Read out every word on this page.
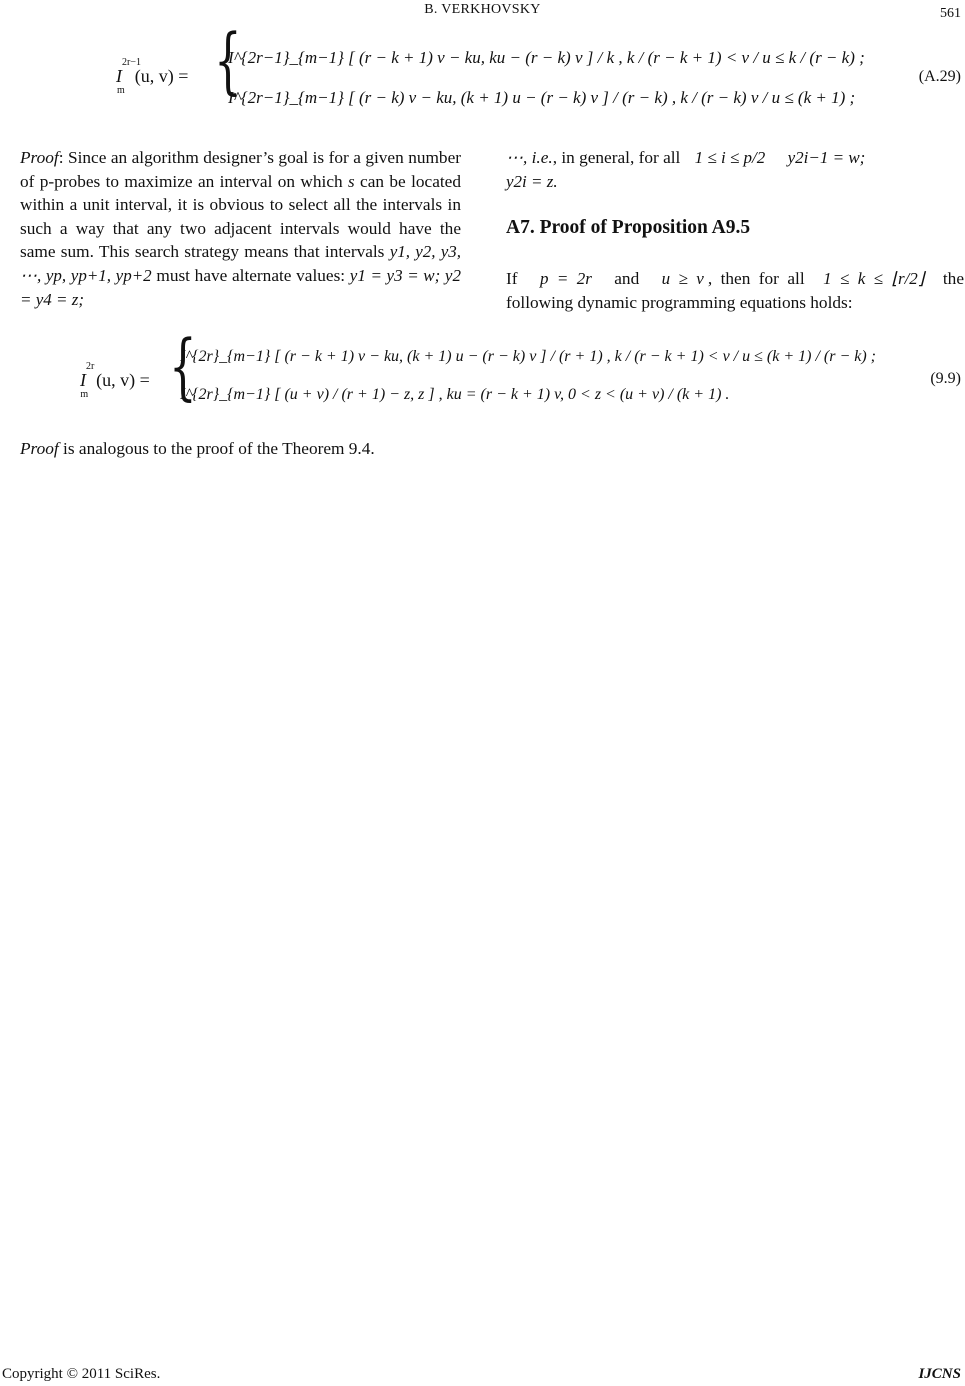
B. VERKHOVSKY	561
$I^{2r-1}_m(u$, v) = {
I^{2r−1}_{m−1} [ (r − k + 1) v − ku, ku − (r − k) v ] / k , k / (r − k + 1) < v / u ≤ k / (r − k) ;
I^{2r−1}_{m−1} [ (r − k) v − ku, (k + 1) u − (r − k) v ] / (r − k) , k / (r − k) v / u ≤ (k + 1) ;
(A.29)

Proof: Since an algorithm designer’s goal is for a given number of p-probes to maximize an interval on which s can be located within a unit interval, it is obvious to select all the intervals in such a way that any two adjacent intervals would have the same sum. This search strategy means that intervals y1, y2, y3, ⋯, yp, yp+1, yp+2 must have alternate values: y1 = y3 = w; y2 = y4 = z;

⋯, i.e., in general, for all 1 ≤ i ≤ p/2 y2i−1 = w;
y2i = z.

A7. Proof of Proposition A9.5

If p = 2r and u ≥ v , then for all 1 ≤ k ≤ ⌊r/2⌋ the following dynamic programming equations holds:

$I^{2r}_m(u$, v) = {
I^{2r}_{m−1} [ (r − k + 1) v − ku, (k + 1) u − (r − k) v ] / (r + 1) , k / (r − k + 1) < v / u ≤ (k + 1) / (r − k) ;
I^{2r}_{m−1} [ (u + v) / (r + 1) − z, z ] , ku = (r − k + 1) v, 0 < z < (u + v) / (k + 1) .
(9.9)
Proof is analogous to the proof of the Theorem 9.4.
Copyright © 2011 SciRes.	IJCNS
